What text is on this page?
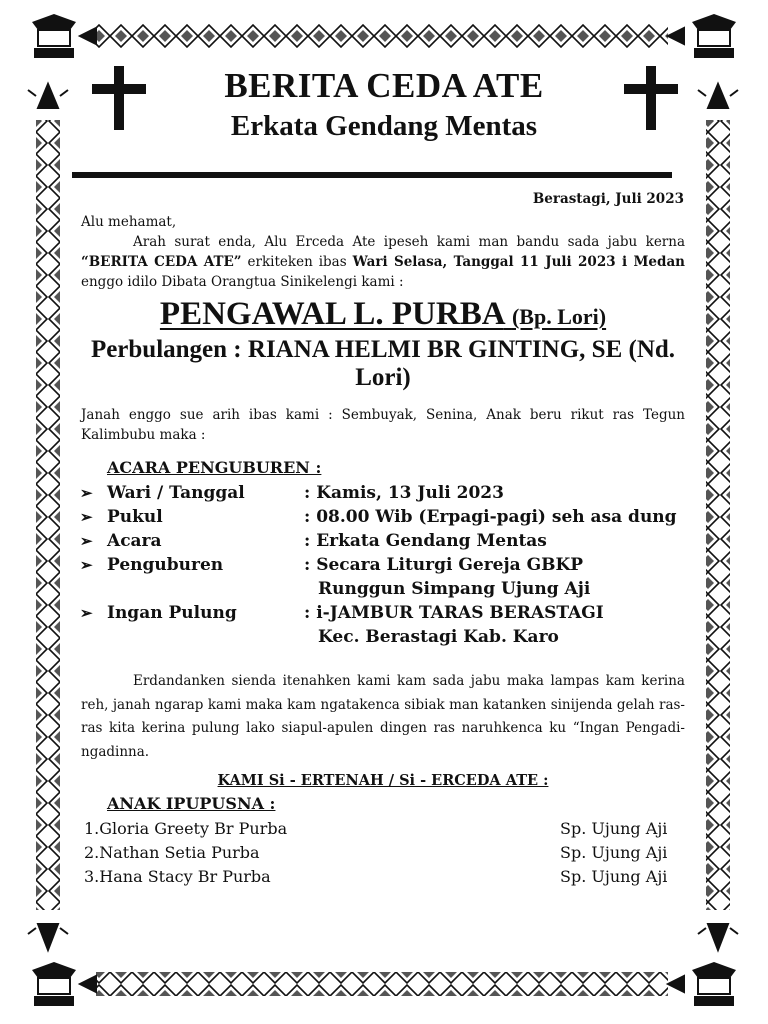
BERITA CEDA ATE
Erkata Gendang Mentas
Berastagi, Juli 2023
Alu mehamat,
Arah surat enda, Alu Erceda Ate ipeseh kami man bandu sada jabu kerna “BERITA CEDA ATE” erkiteken ibas Wari Selasa, Tanggal 11 Juli 2023 i Medan enggo idilo Dibata Orangtua Sinikelengi kami :
PENGAWAL L. PURBA (Bp. Lori)
Perbulangen : RIANA HELMI BR GINTING, SE (Nd. Lori)
Janah enggo sue arih ibas kami : Sembuyak, Senina, Anak beru rikut ras Tegun Kalimbubu maka :
ACARA PENGUBUREN :
➢ Wari / Tanggal	: Kamis, 13 Juli 2023
➢ Pukul	: 08.00 Wib (Erpagi-pagi) seh asa dung
➢ Acara	: Erkata Gendang Mentas
➢ Penguburen	: Secara Liturgi Gereja GBKP
Runggun Simpang Ujung Aji
➢ Ingan Pulung	: i-JAMBUR TARAS BERASTAGI
Kec. Berastagi Kab. Karo
Erdandanken sienda itenahken kami kam sada jabu maka lampas kam kerina reh, janah ngarap kami maka kam ngatakencа sibiak man katanken sinijenda gelah ras-ras kita kerina pulung lako siapul-apulen dingen ras naruhkenca ku “Ingan Pengadi-ngadinna.
KAMI Si - ERTENAH / Si - ERCEDA ATE :
ANAK IPUPUSNA :
1.Gloria Greety Br Purba	Sp. Ujung Aji
2.Nathan Setia Purba	Sp. Ujung Aji
3.Hana Stacy Br Purba	Sp. Ujung Aji
